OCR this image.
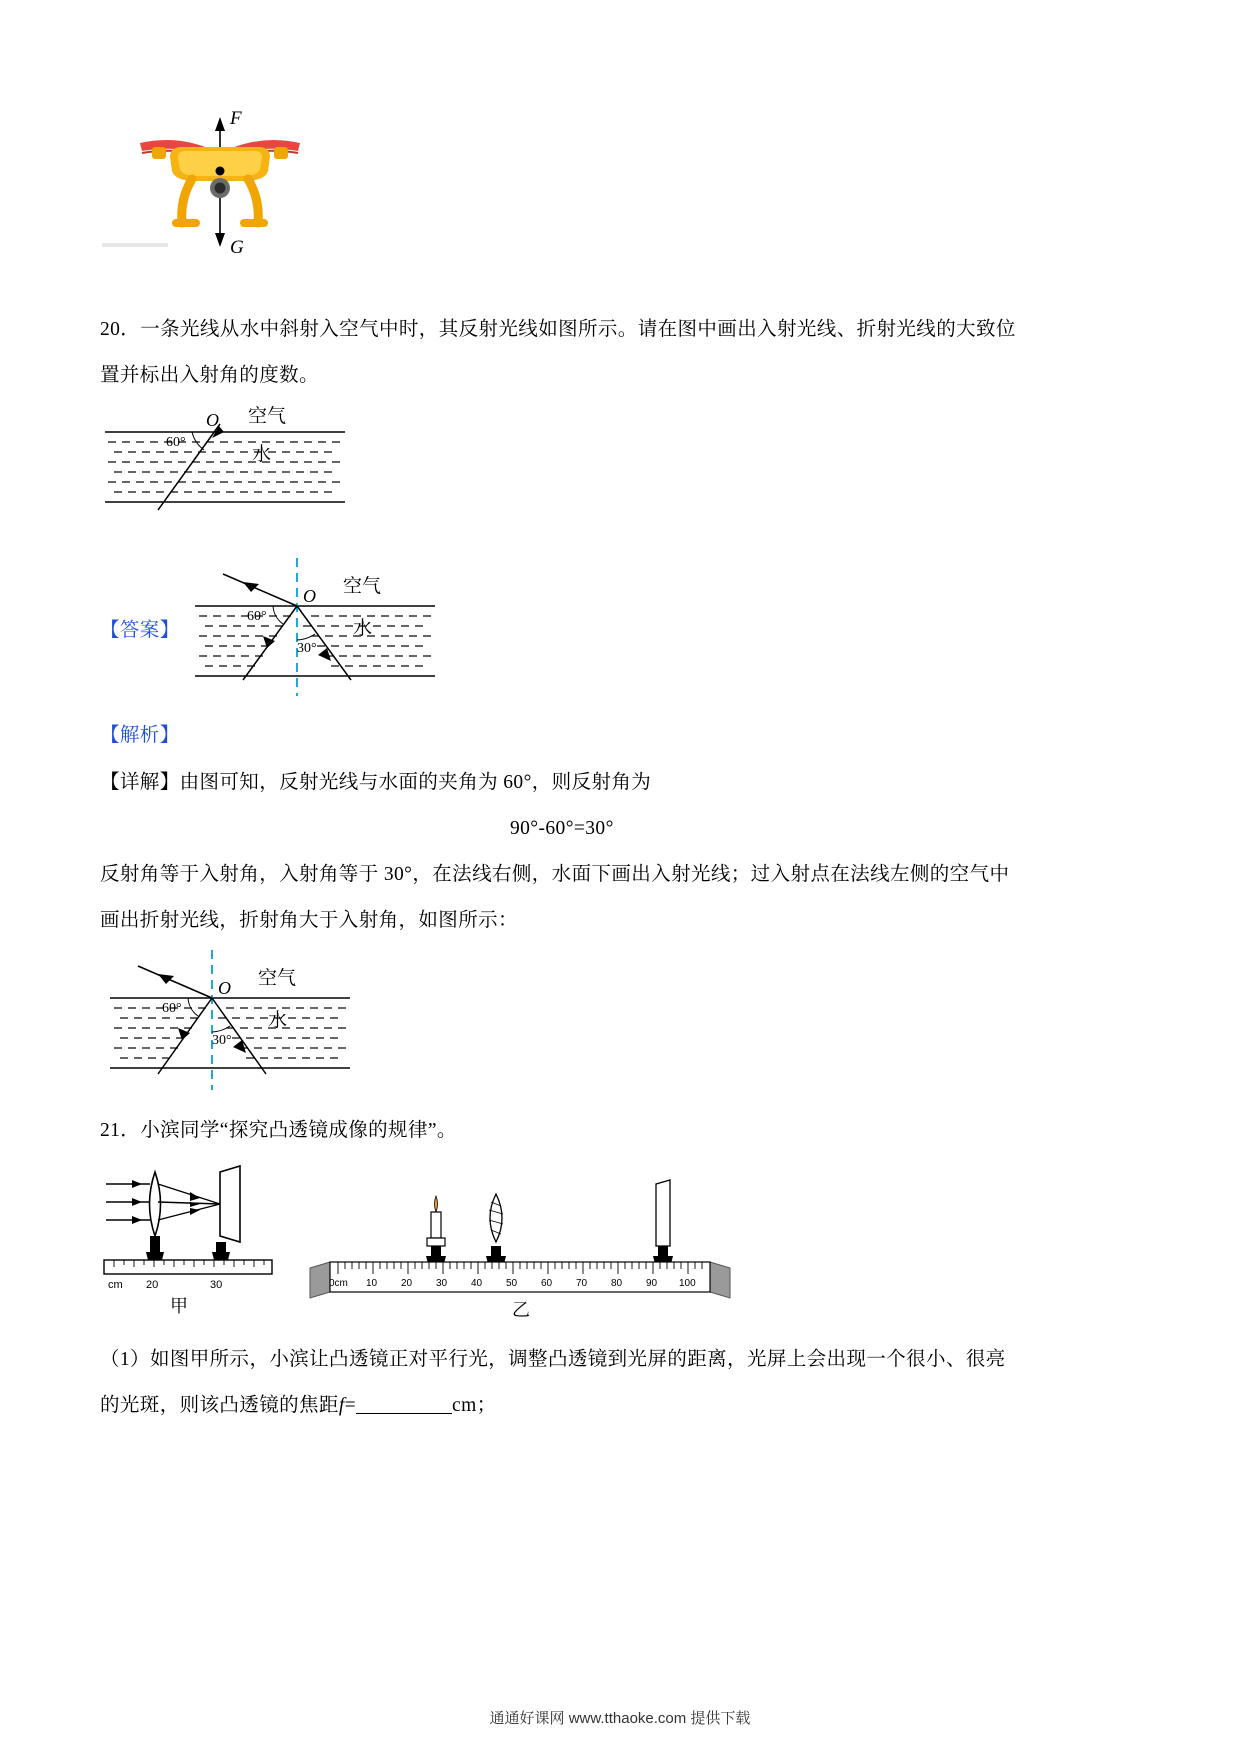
F
G
20．一条光线从水中斜射入空气中时，其反射光线如图所示。请在图中画出入射光线、折射光线的大致位
置并标出入射角的度数。
60°
O 空气
水
【答案】
60°
30°
O 空气
水
【解析】
【详解】由图可知，反射光线与水面的夹角为 60°，则反射角为
90°-60°=30°
反射角等于入射角，入射角等于 30°，在法线右侧，水面下画出入射光线；过入射点在法线左侧的空气中
画出折射光线，折射角大于入射角，如图所示：
60°
30°
O 空气
水
21．小滨同学“探究凸透镜成像的规律”。
cm 20	30
甲
0cm 10 20 30 40 50 60 70 80 90 100
乙
（1）如图甲所示，小滨让凸透镜正对平行光，调整凸透镜到光屏的距离，光屏上会出现一个很小、很亮
的光斑，则该凸透镜的焦距f=	cm；
通通好课网 www.tthaoke.com 提供下载
